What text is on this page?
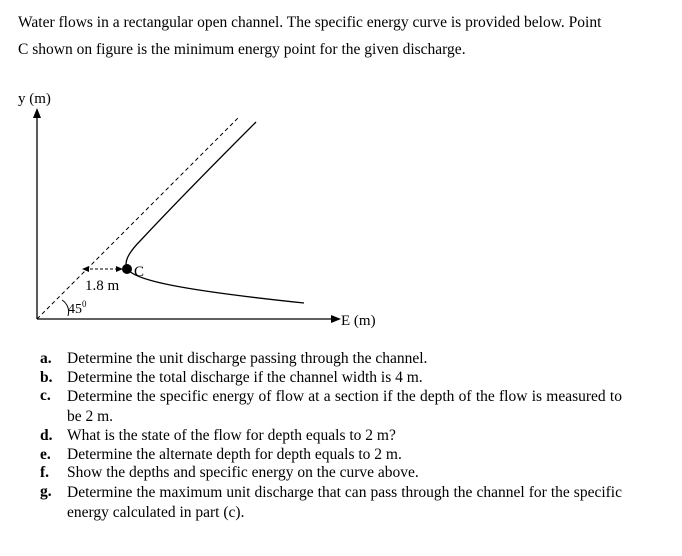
Water flows in a rectangular open channel. The specific energy curve is provided below. Point
C shown on figure is the minimum energy point for the given discharge.
y (m)
E (m)
C
1.8 m
$45^0$
a. Determine the unit discharge passing through the channel.
b. Determine the total discharge if the channel width is 4 m.
c.	Determine the specific energy of flow at a section if the depth of the flow is measured to be 2 m.
d. What is the state of the flow for depth equals to 2 m?
e.	Determine the alternate depth for depth equals to 2 m.
f.	Show the depths and specific energy on the curve above.
g. Determine the maximum unit discharge that can pass through the channel for the specific energy calculated in part (c).
